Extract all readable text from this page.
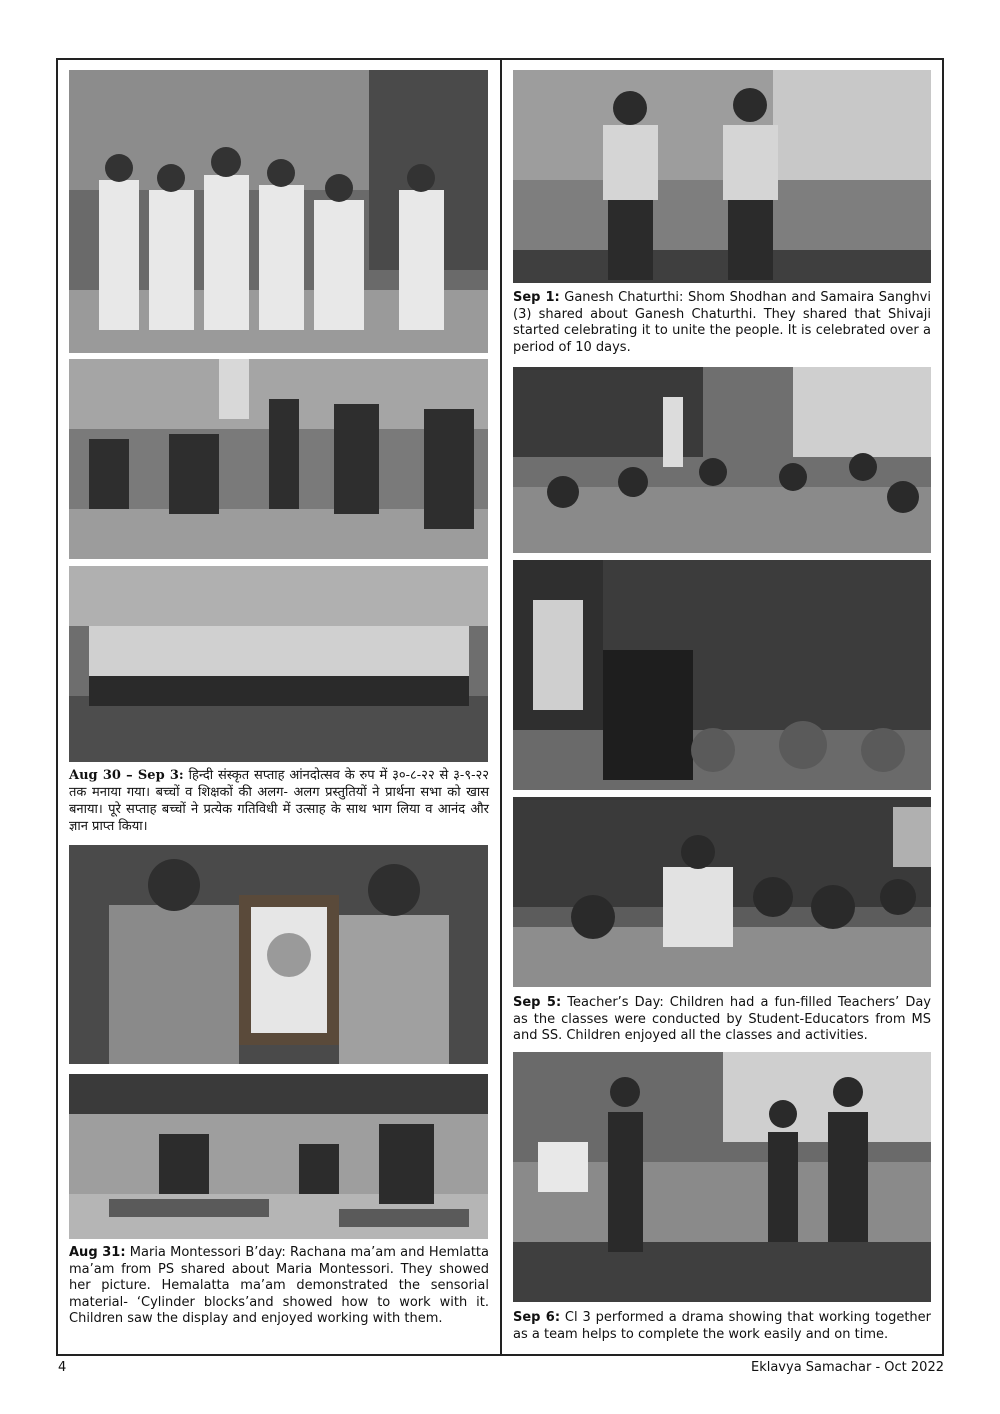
Aug 30 – Sep 3: हिन्दी संस्कृत सप्ताह आंनदोत्सव के रुप में ३०-८-२२ से ३-९-२२ तक मनाया गया। बच्चों व शिक्षकों की अलग- अलग प्रस्तुतियों ने प्रार्थना सभा को खास बनाया। पूरे सप्ताह बच्चों ने प्रत्येक गतिविधी में उत्साह के साथ भाग लिया व आनंद और ज्ञान प्राप्त किया।
Aug 31: Maria Montessori B’day: Rachana ma’am and Hemlatta ma’am from PS shared about Maria Montessori. They showed her picture. Hemalatta ma’am demonstrated the sensorial material- ‘Cylinder blocks’and showed how to work with it. Children saw the display and enjoyed working with them.
Sep 1: Ganesh Chaturthi: Shom Shodhan and Samaira Sanghvi (3) shared about Ganesh Chaturthi. They shared that Shivaji started celebrating it to unite the people. It is celebrated over a period of 10 days.
Sep 5: Teacher’s Day: Children had a fun-filled Teachers’ Day as the classes were conducted by Student-Educators from MS and SS. Children enjoyed all the classes and activities.
Sep 6: Cl 3 performed a drama showing that working together as a team helps to complete the work easily and on time.
4	Eklavya Samachar - Oct 2022
